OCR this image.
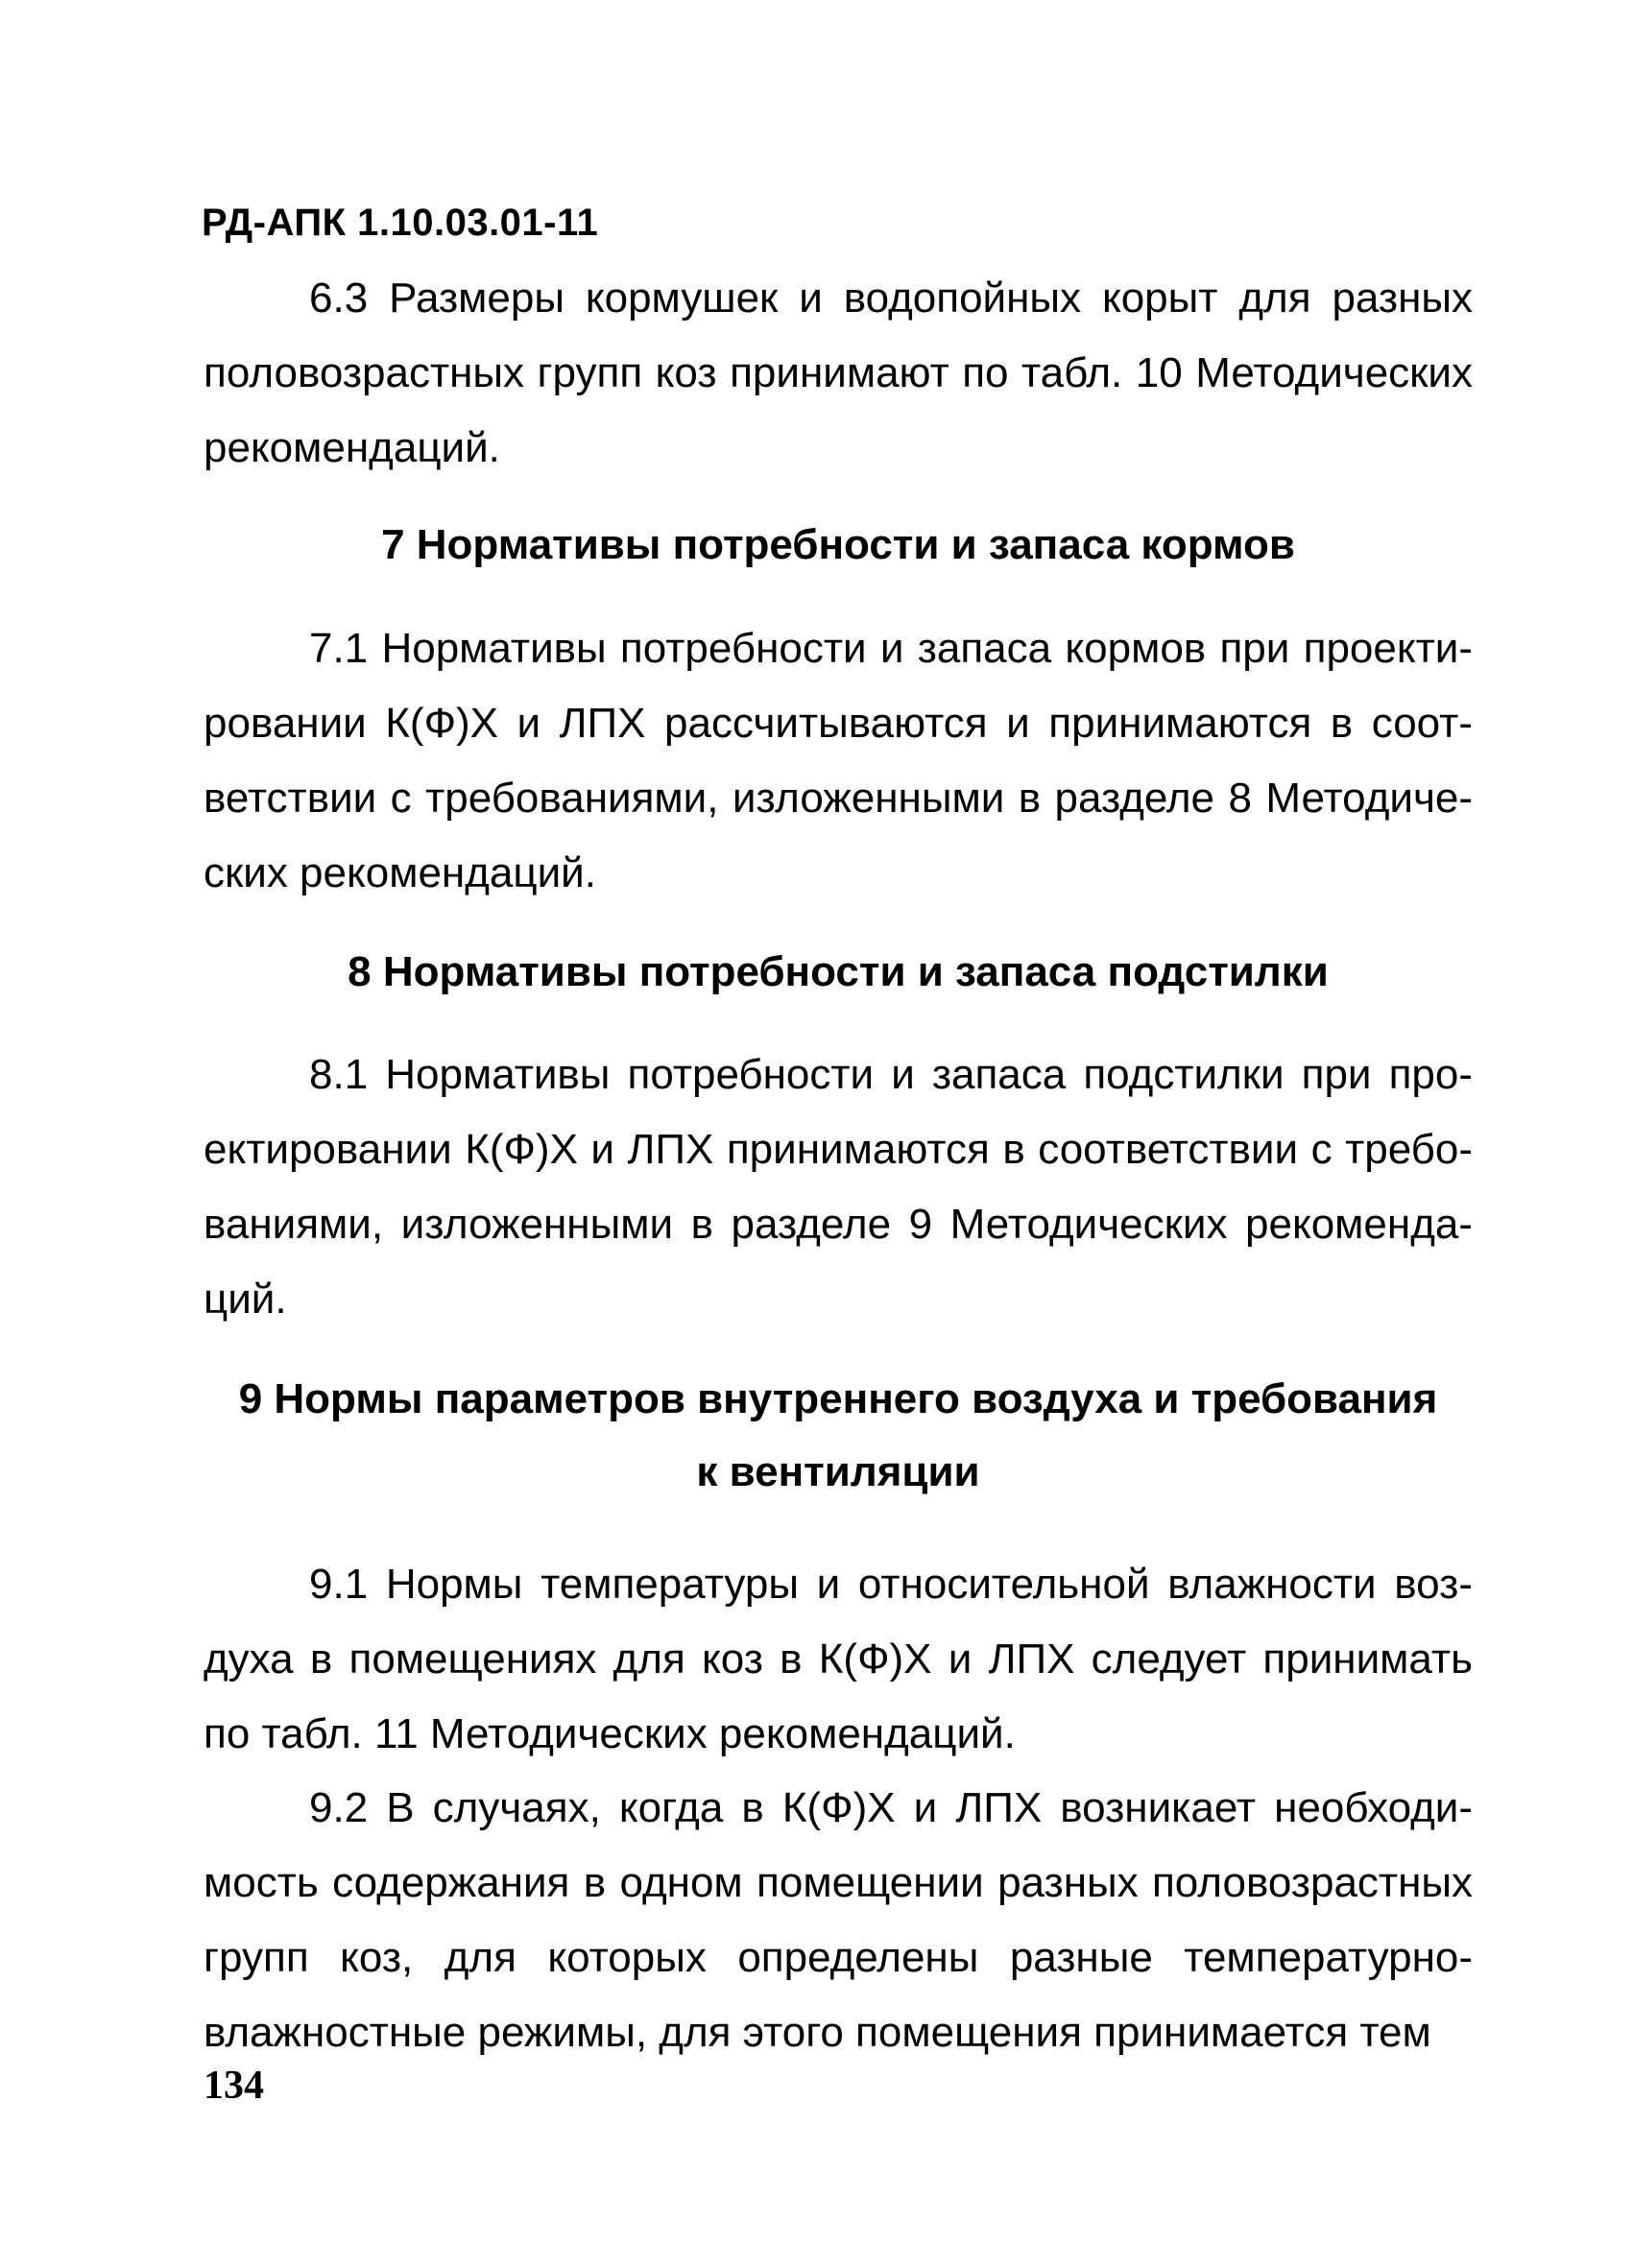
РД-АПК 1.10.03.01-11

6.3 Размеры кормушек и водопойных корыт для разных половозрастных групп коз принимают по табл. 10 Методических рекомендаций.

7 Нормативы потребности и запаса кормов

7.1 Нормативы потребности и запаса кормов при проектировании К(Ф)Х и ЛПХ рассчитываются и принимаются в соответствии с требованиями, изложенными в разделе 8 Методических рекомендаций.

8 Нормативы потребности и запаса подстилки

8.1 Нормативы потребности и запаса подстилки при проектировании К(Ф)Х и ЛПХ принимаются в соответствии с требованиями, изложенными в разделе 9 Методических рекомендаций.

9 Нормы параметров внутреннего воздуха и требования
к вентиляции

9.1 Нормы температуры и относительной влажности воздуха в помещениях для коз в К(Ф)Х и ЛПХ следует принимать по табл. 11 Методических рекомендаций.

9.2 В случаях, когда в К(Ф)Х и ЛПХ возникает необходимость содержания в одном помещении разных половозрастных групп коз, для которых определены разные температурно-влажностные режимы, для этого помещения принимается тем

134
